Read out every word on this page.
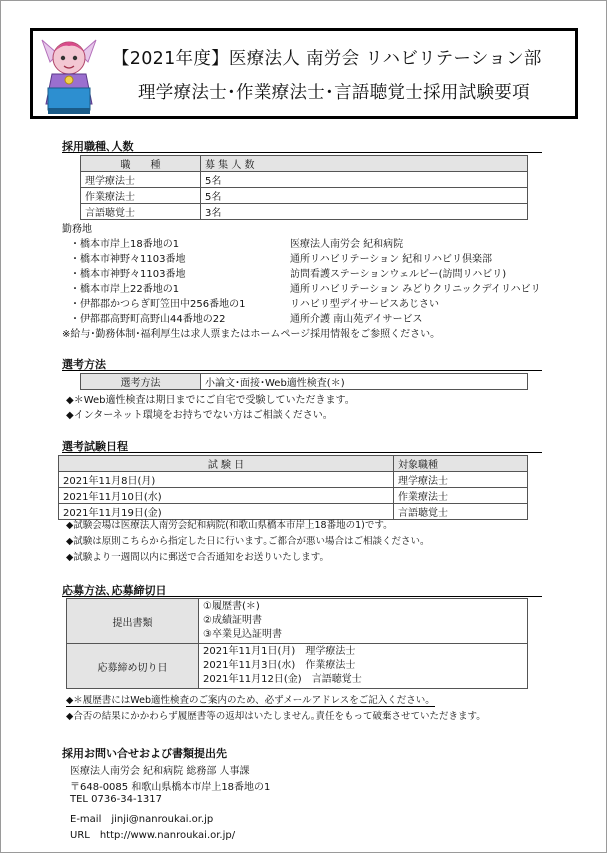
【2021年度】医療法人 南労会 リハビリテーション部
理学療法士･作業療法士･言語聴覚士採用試験要項
採用職種､人数
職　　種	募 集 人 数
理学療法士	5名
作業療法士	5名
言語聴覚士	3名
勤務地
・橋本市岸上18番地の1	医療法人南労会 紀和病院
・橋本市神野々1103番地	通所リハビリテーション 紀和リハビリ倶楽部
・橋本市神野々1103番地	訪問看護ステーションウェルビー(訪問リハビリ)
・橋本市岸上22番地の1	通所リハビリテーション みどりクリニックデイリハビリ
・伊都郡かつらぎ町笠田中256番地の1	リハビリ型デイサービスあじさい
・伊都郡高野町高野山44番地の22	通所介護 南山苑デイサービス
※給与･勤務体制･福利厚生は求人票またはホームページ採用情報をご参照ください。
選考方法
選考方法	小論文･面接･Web適性検査(＊)
◆＊Web適性検査は期日までにご自宅で受験していただきます。
◆インターネット環境をお持ちでない方はご相談ください。
選考試験日程
試 験 日	対象職種
2021年11月8日(月)	理学療法士
2021年11月10日(水)	作業療法士
2021年11月19日(金)	言語聴覚士
◆試験会場は医療法人南労会紀和病院(和歌山県橋本市岸上18番地の1)です。
◆試験は原則こちらから指定した日に行います｡ご都合が悪い場合はご相談ください。
◆試験より一週間以内に郵送で合否通知をお送りいたします。
応募方法､応募締切日
提出書類	①履歴書(＊)
②成績証明書
③卒業見込証明書

応募締め切り日	2021年11月1日(月)　理学療法士
2021年11月3日(水)　作業療法士
2021年11月12日(金)　言語聴覚士
◆＊履歴書にはWeb適性検査のご案内のため、必ずメールアドレスをご記入ください。
◆合否の結果にかかわらず履歴書等の返却はいたしません｡責任をもって破棄させていただきます。
採用お問い合せおよび書類提出先
医療法人南労会 紀和病院 総務部 人事課
〒648-0085 和歌山県橋本市岸上18番地の1
TEL 0736-34-1317
E-mail　jinji@nanroukai.or.jp
URL　http://www.nanroukai.or.jp/
